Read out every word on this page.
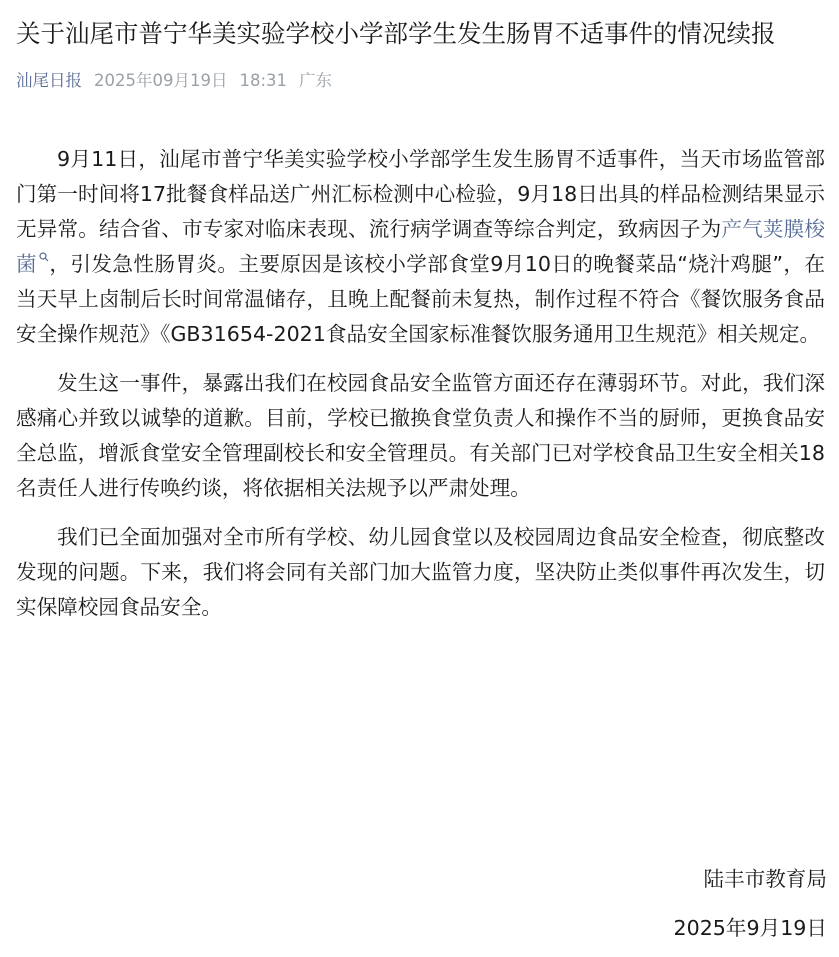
关于汕尾市普宁华美实验学校小学部学生发生肠胃不适事件的情况续报
汕尾日报 2025年09月19日 18:31 广东

9月11日，汕尾市普宁华美实验学校小学部学生发生肠胃不适事件，当天市场监管部门第一时间将17批餐食样品送广州汇标检测中心检验，9月18日出具的样品检测结果显示无异常。结合省、市专家对临床表现、流行病学调查等综合判定，致病因子为产气荚膜梭菌 ，引发急性肠胃炎。主要原因是该校小学部食堂9月10日的晚餐菜品“烧汁鸡腿”，在当天早上卤制后长时间常温储存，且晚上配餐前未复热，制作过程不符合《餐饮服务食品安全操作规范》《GB31654-2021食品安全国家标准餐饮服务通用卫生规范》相关规定。

发生这一事件，暴露出我们在校园食品安全监管方面还存在薄弱环节。对此，我们深感痛心并致以诚挚的道歉。目前，学校已撤换食堂负责人和操作不当的厨师，更换食品安全总监，增派食堂安全管理副校长和安全管理员。有关部门已对学校食品卫生安全相关18名责任人进行传唤约谈，将依据相关法规予以严肃处理。

我们已全面加强对全市所有学校、幼儿园食堂以及校园周边食品安全检查，彻底整改发现的问题。下来，我们将会同有关部门加大监管力度，坚决防止类似事件再次发生，切实保障校园食品安全。

陆丰市教育局
2025年9月19日
